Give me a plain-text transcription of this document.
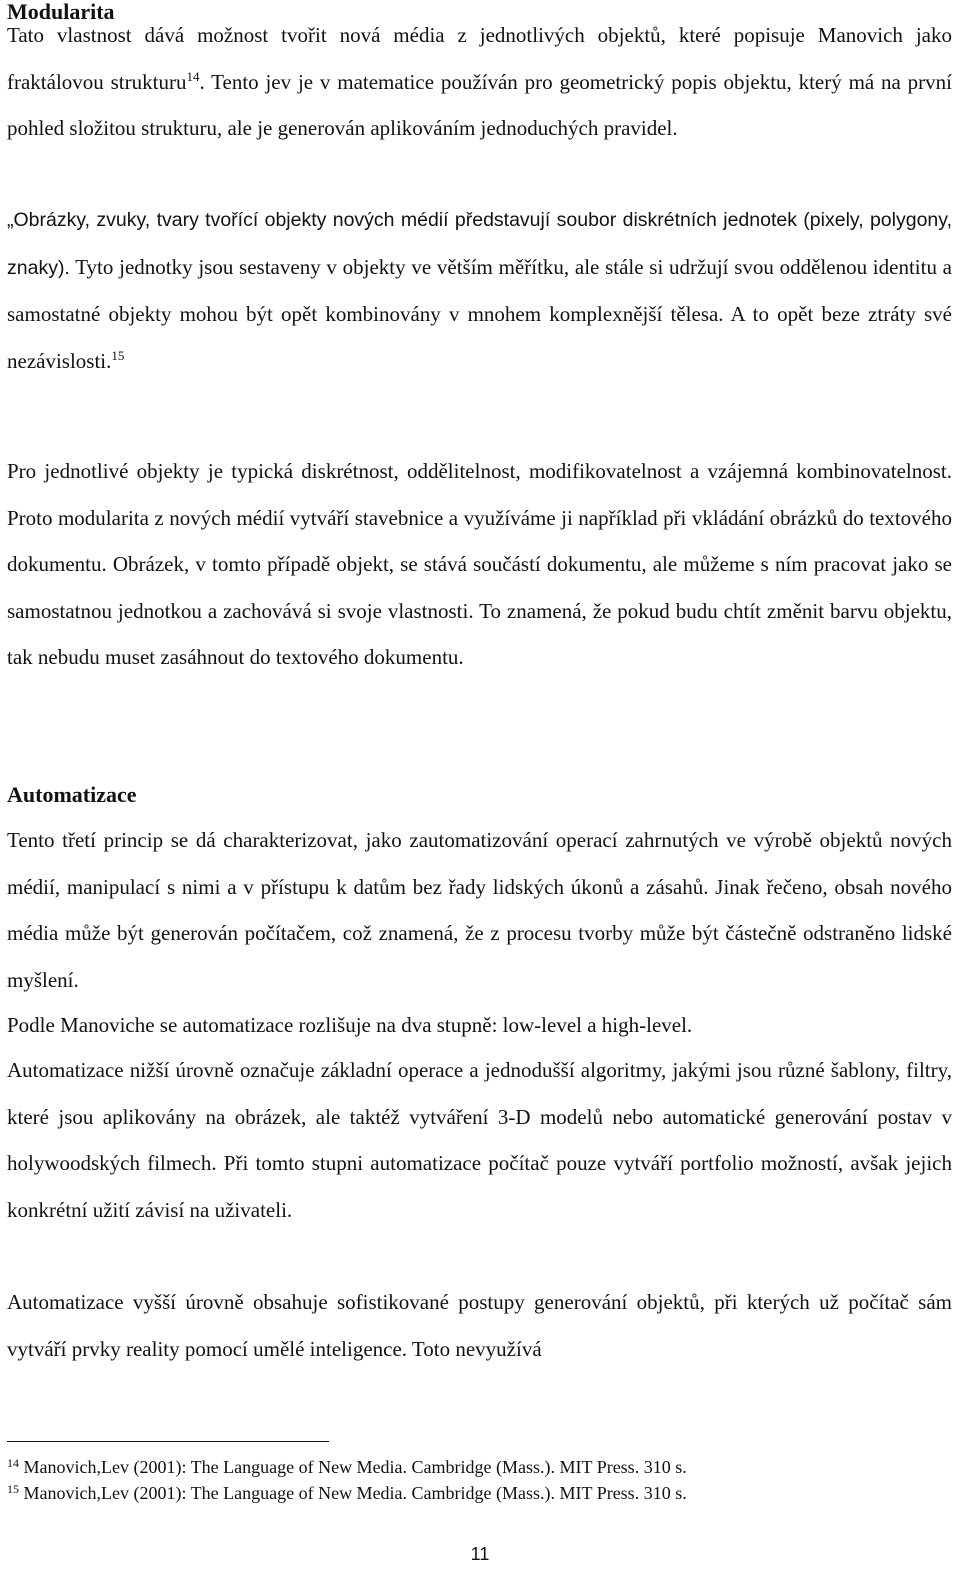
Modularita

Tato vlastnost dává možnost tvořit nová média z jednotlivých objektů, které popisuje Manovich jako fraktálovou strukturu$^{14}$. Tento jev je v matematice používán pro geometrický popis objektu, který má na první pohled složitou strukturu, ale je generován aplikováním jednoduchých pravidel.

„Obrázky, zvuky, tvary tvořící objekty nových médií představují soubor diskrétních jednotek (pixely, polygony, znaky). Tyto jednotky jsou sestaveny v objekty ve větším měřítku, ale stále si udržují svou oddělenou identitu a samostatné objekty mohou být opět kombinovány v mnohem komplexnější tělesa. A to opět beze ztráty své nezávislosti.$^{15}$

Pro jednotlivé objekty je typická diskrétnost, oddělitelnost, modifikovatelnost a vzájemná kombinovatelnost. Proto modularita z nových médií vytváří stavebnice a využíváme ji například při vkládání obrázků do textového dokumentu. Obrázek, v tomto případě objekt, se stává součástí dokumentu, ale můžeme s ním pracovat jako se samostatnou jednotkou a zachovává si svoje vlastnosti. To znamená, že pokud budu chtít změnit barvu objektu, tak nebudu muset zasáhnout do textového dokumentu.

Automatizace

Tento třetí princip se dá charakterizovat, jako zautomatizování operací zahrnutých ve výrobě objektů nových médií, manipulací s nimi a v přístupu k datům bez řady lidských úkonů a zásahů. Jinak řečeno, obsah nového média může být generován počítačem, což znamená, že z procesu tvorby může být částečně odstraněno lidské myšlení.

Podle Manoviche se automatizace rozlišuje na dva stupně: low-level a high-level.

Automatizace nižší úrovně označuje základní operace a jednodušší algoritmy, jakými jsou různé šablony, filtry, které jsou aplikovány na obrázek, ale taktéž vytváření 3-D modelů nebo automatické generování postav v holywoodských filmech. Při tomto stupni automatizace počítač pouze vytváří portfolio možností, avšak jejich konkrétní užití závisí na uživateli.

Automatizace vyšší úrovně obsahuje sofistikované postupy generování objektů, při kterých už počítač sám vytváří prvky reality pomocí umělé inteligence. Toto nevyužívá

$^{14}$ Manovich,Lev (2001): The Language of New Media. Cambridge (Mass.). MIT Press. 310 s.
$^{15}$ Manovich,Lev (2001): The Language of New Media. Cambridge (Mass.). MIT Press. 310 s.
11
